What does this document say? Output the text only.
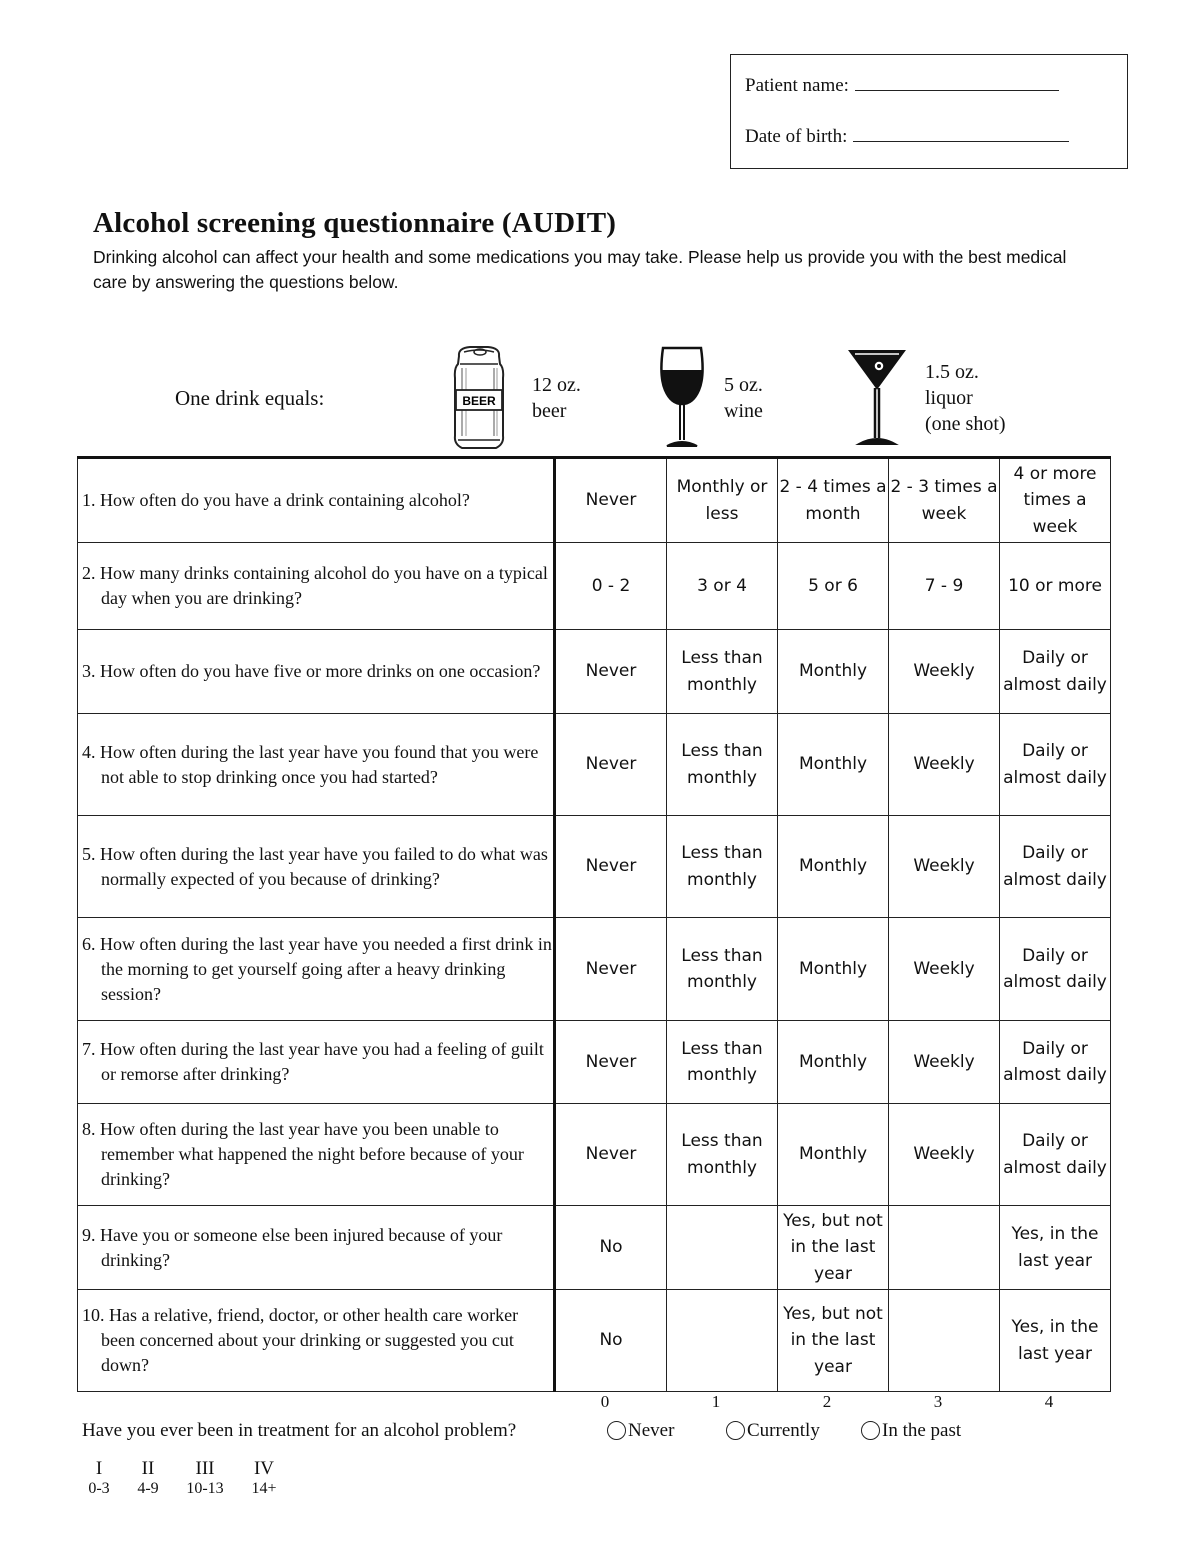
Patient name:
Date of birth:
Alcohol screening questionnaire (AUDIT)
Drinking alcohol can affect your health and some medications you may take. Please help us provide you with the best medical care by answering the questions below.
One drink equals:	BEER
12 oz.
beer
5 oz.
wine
1.5 oz.
liquor
(one shot)
1. How often do you have a drink containing alcohol?	Never	Monthly or less	2 - 4 times a month	2 - 3 times a week	4 or more times a week

2. How many drinks containing alcohol do you have on a typical day when you are drinking?	0 - 2	3 or 4	5 or 6	7 - 9	10 or more

3. How often do you have five or more drinks on one occasion?	Never	Less than monthly	Monthly	Weekly	Daily or almost daily

4. How often during the last year have you found that you were not able to stop drinking once you had started?	Never	Less than monthly	Monthly	Weekly	Daily or almost daily

5. How often during the last year have you failed to do what was normally expected of you because of drinking?	Never	Less than monthly	Monthly	Weekly	Daily or almost daily

6. How often during the last year have you needed a first drink in the morning to get yourself going after a heavy drinking session?	Never	Less than monthly	Monthly	Weekly	Daily or almost daily

7. How often during the last year have you had a feeling of guilt or remorse after drinking?	Never	Less than monthly	Monthly	Weekly	Daily or almost daily

8. How often during the last year have you been unable to remember what happened the night before because of your drinking?	Never	Less than monthly	Monthly	Weekly	Daily or almost daily

9. Have you or someone else been injured because of your drinking?	No		Yes, but not in the last year		Yes, in the last year

10. Has a relative, friend, doctor, or other health care worker been concerned about your drinking or suggested you cut down?	No		Yes, but not in the last year		Yes, in the last year
0	1	2	3	4
Have you ever been in treatment for an alcohol problem?	Never	Currently	In the past
I
0-3
II
4-9
III
10-13
IV
14+
